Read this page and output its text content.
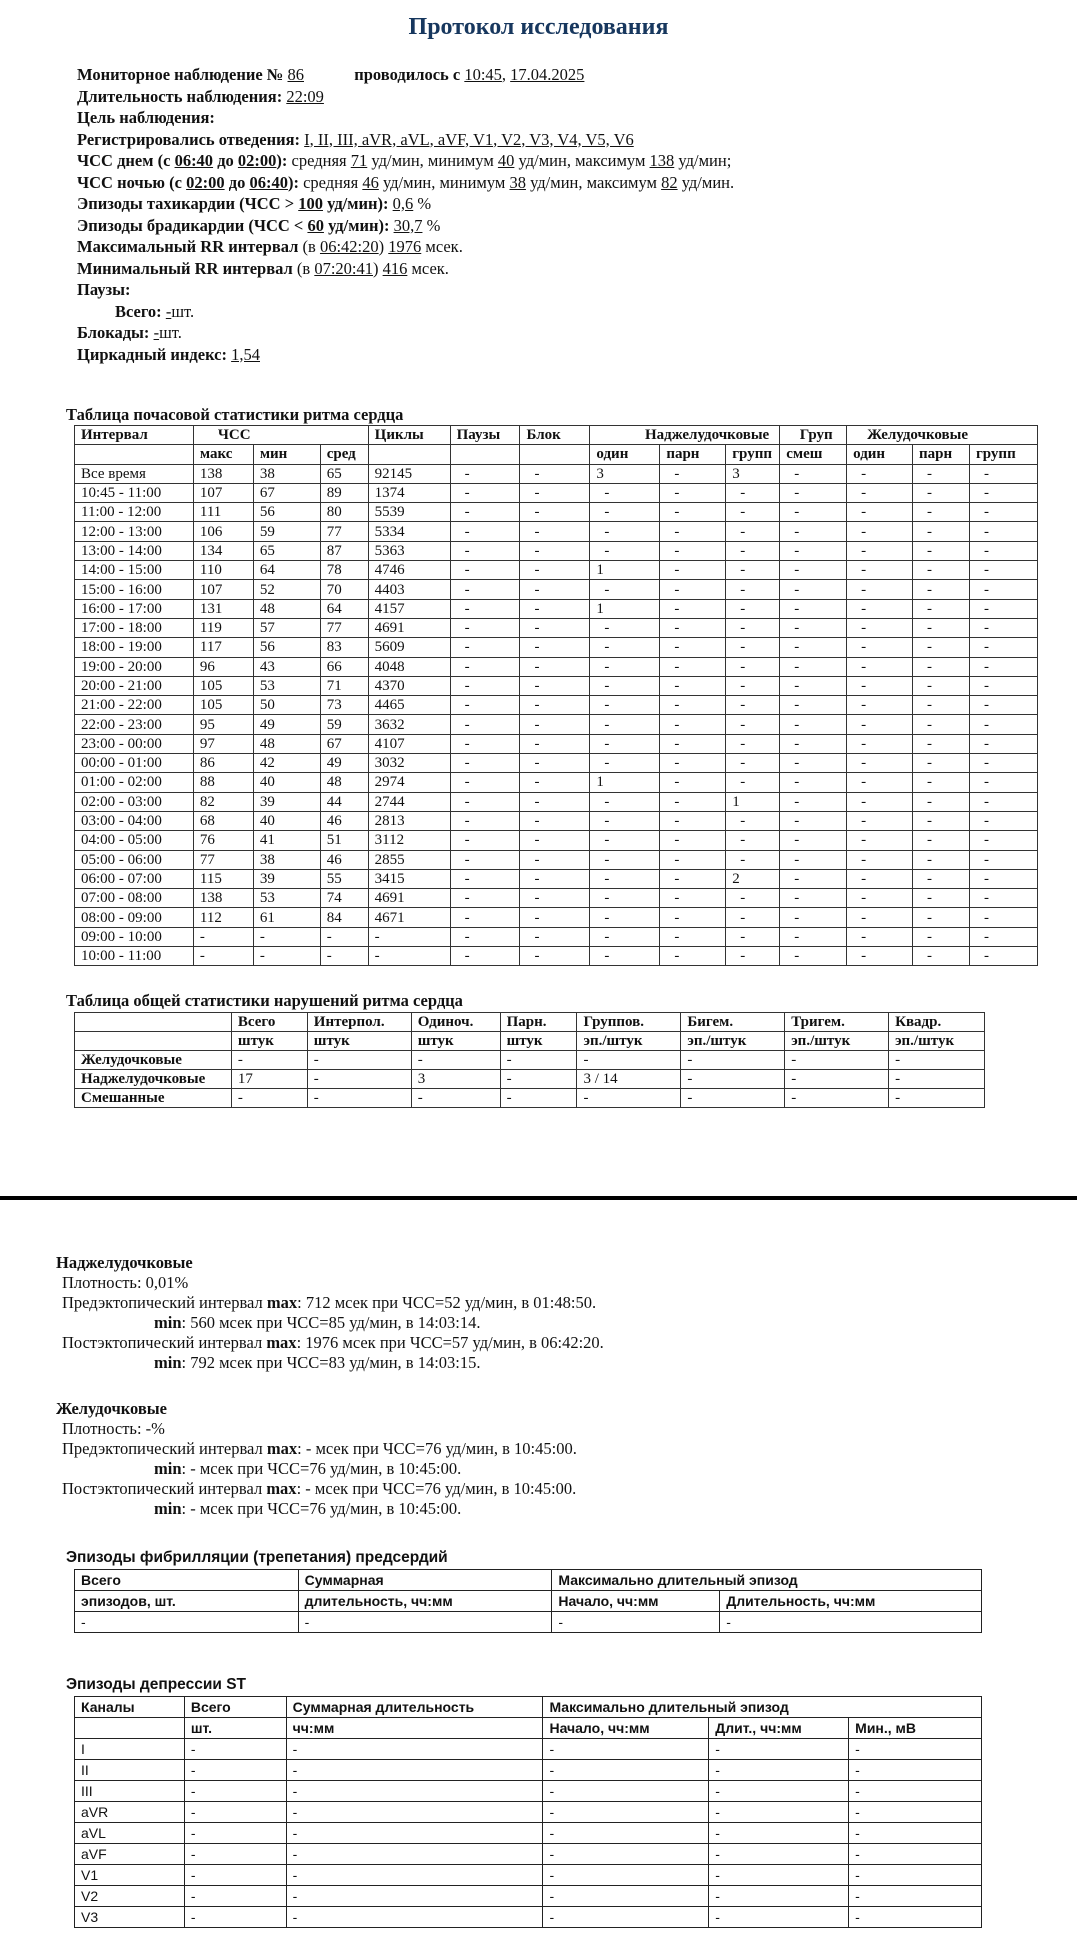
Протокол исследования
Мониторное наблюдение № 86	проводилось с 10:45, 17.04.2025
Длительность наблюдения: 22:09
Цель наблюдения:
Регистрировались отведения: I, II, III, aVR, aVL, aVF, V1, V2, V3, V4, V5, V6
ЧСС днем (с 06:40 до 02:00): средняя 71 уд/мин, минимум 40 уд/мин, максимум 138 уд/мин;
ЧСС ночью (с 02:00 до 06:40): средняя 46 уд/мин, минимум 38 уд/мин, максимум 82 уд/мин.
Эпизоды тахикардии (ЧСС > 100 уд/мин): 0,6 %
Эпизоды брадикардии (ЧСС < 60 уд/мин): 30,7 %
Максимальный RR интервал (в 06:42:20) 1976 мсек.
Минимальный RR интервал (в 07:20:41) 416 мсек.
Паузы:
Всего: -шт.
Блокады: -шт.
Циркадный индекс: 1,54
Таблица почасовой статистики ритма сердца
Интервал	ЧСС			Циклы	Паузы	Блок	Наджелудочковые			Груп	Желудочковые		
	макс	мин	сред				один	парн	групп	смеш	один	парн	групп
Все время	138	38	65	92145	-	-	3	-	3	-	-	-	-
10:45 - 11:00	107	67	89	1374	-	-	-	-	-	-	-	-	-
11:00 - 12:00	111	56	80	5539	-	-	-	-	-	-	-	-	-
12:00 - 13:00	106	59	77	5334	-	-	-	-	-	-	-	-	-
13:00 - 14:00	134	65	87	5363	-	-	-	-	-	-	-	-	-
14:00 - 15:00	110	64	78	4746	-	-	1	-	-	-	-	-	-
15:00 - 16:00	107	52	70	4403	-	-	-	-	-	-	-	-	-
16:00 - 17:00	131	48	64	4157	-	-	1	-	-	-	-	-	-
17:00 - 18:00	119	57	77	4691	-	-	-	-	-	-	-	-	-
18:00 - 19:00	117	56	83	5609	-	-	-	-	-	-	-	-	-
19:00 - 20:00	96	43	66	4048	-	-	-	-	-	-	-	-	-
20:00 - 21:00	105	53	71	4370	-	-	-	-	-	-	-	-	-
21:00 - 22:00	105	50	73	4465	-	-	-	-	-	-	-	-	-
22:00 - 23:00	95	49	59	3632	-	-	-	-	-	-	-	-	-
23:00 - 00:00	97	48	67	4107	-	-	-	-	-	-	-	-	-
00:00 - 01:00	86	42	49	3032	-	-	-	-	-	-	-	-	-
01:00 - 02:00	88	40	48	2974	-	-	1	-	-	-	-	-	-
02:00 - 03:00	82	39	44	2744	-	-	-	-	1	-	-	-	-
03:00 - 04:00	68	40	46	2813	-	-	-	-	-	-	-	-	-
04:00 - 05:00	76	41	51	3112	-	-	-	-	-	-	-	-	-
05:00 - 06:00	77	38	46	2855	-	-	-	-	-	-	-	-	-
06:00 - 07:00	115	39	55	3415	-	-	-	-	2	-	-	-	-
07:00 - 08:00	138	53	74	4691	-	-	-	-	-	-	-	-	-
08:00 - 09:00	112	61	84	4671	-	-	-	-	-	-	-	-	-
09:00 - 10:00	-	-	-	-	-	-	-	-	-	-	-	-	-
10:00 - 11:00	-	-	-	-	-	-	-	-	-	-	-	-	-
Таблица общей статистики нарушений ритма сердца
	Всего	Интерпол.	Одиноч.	Парн.	Группов.	Бигем.	Тригем.	Квадр.
	штук	штук	штук	штук	эп./штук	эп./штук	эп./штук	эп./штук
Желудочковые	-	-	-	-	-	-	-	-
Наджелудочковые	17	-	3	-	3 / 14	-	-	-
Смешанные	-	-	-	-	-	-	-	-
Наджелудочковые
Плотность: 0,01%
Предэктопический интервал max: 712 мсек при ЧСС=52 уд/мин, в 01:48:50.
min: 560 мсек при ЧСС=85 уд/мин, в 14:03:14.
Постэктопический интервал max: 1976 мсек при ЧСС=57 уд/мин, в 06:42:20.
min: 792 мсек при ЧСС=83 уд/мин, в 14:03:15.
Желудочковые
Плотность: -%
Предэктопический интервал max: - мсек при ЧСС=76 уд/мин, в 10:45:00.
min: - мсек при ЧСС=76 уд/мин, в 10:45:00.
Постэктопический интервал max: - мсек при ЧСС=76 уд/мин, в 10:45:00.
min: - мсек при ЧСС=76 уд/мин, в 10:45:00.
Эпизоды фибрилляции (трепетания) предсердий
Всего	Суммарная	Максимально длительный эпизод	
эпизодов, шт.	длительность, чч:мм	Начало, чч:мм	Длительность, чч:мм
-	-	-	-
Эпизоды депрессии ST
Каналы	Всего	Суммарная длительность	Максимально длительный эпизод		
	шт.	чч:мм	Начало, чч:мм	Длит., чч:мм	Мин., мВ
I	-	-	-	-	-
II	-	-	-	-	-
III	-	-	-	-	-
aVR	-	-	-	-	-
aVL	-	-	-	-	-
aVF	-	-	-	-	-
V1	-	-	-	-	-
V2	-	-	-	-	-
V3	-	-	-	-	-
